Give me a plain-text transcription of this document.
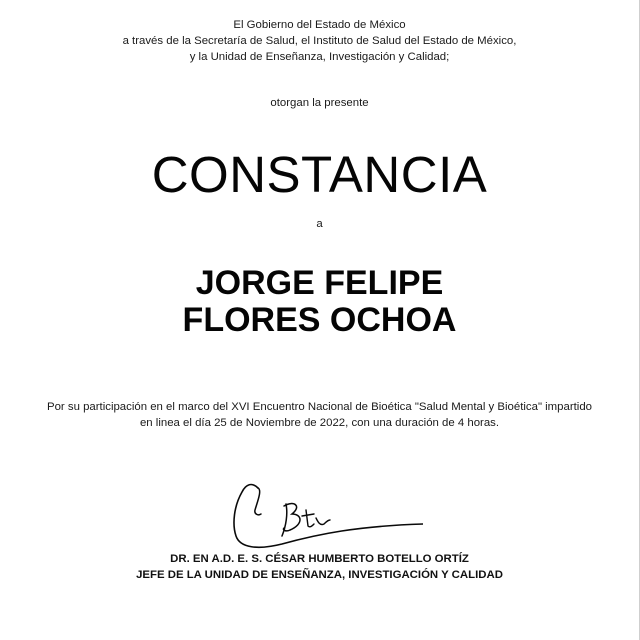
El Gobierno del Estado de México
a través de la Secretaría de Salud, el Instituto de Salud del Estado de México,
y la Unidad de Enseñanza, Investigación y Calidad;
otorgan la presente
CONSTANCIA
a
JORGE FELIPE
FLORES OCHOA
Por su participación en el marco del XVI Encuentro Nacional de Bioética "Salud Mental y Bioética" impartido
en linea el día 25 de Noviembre de 2022, con una duración de 4 horas.
DR. EN A.D. E. S. CÉSAR HUMBERTO BOTELLO ORTÍZ
JEFE DE LA UNIDAD DE ENSEÑANZA, INVESTIGACIÓN Y CALIDAD
